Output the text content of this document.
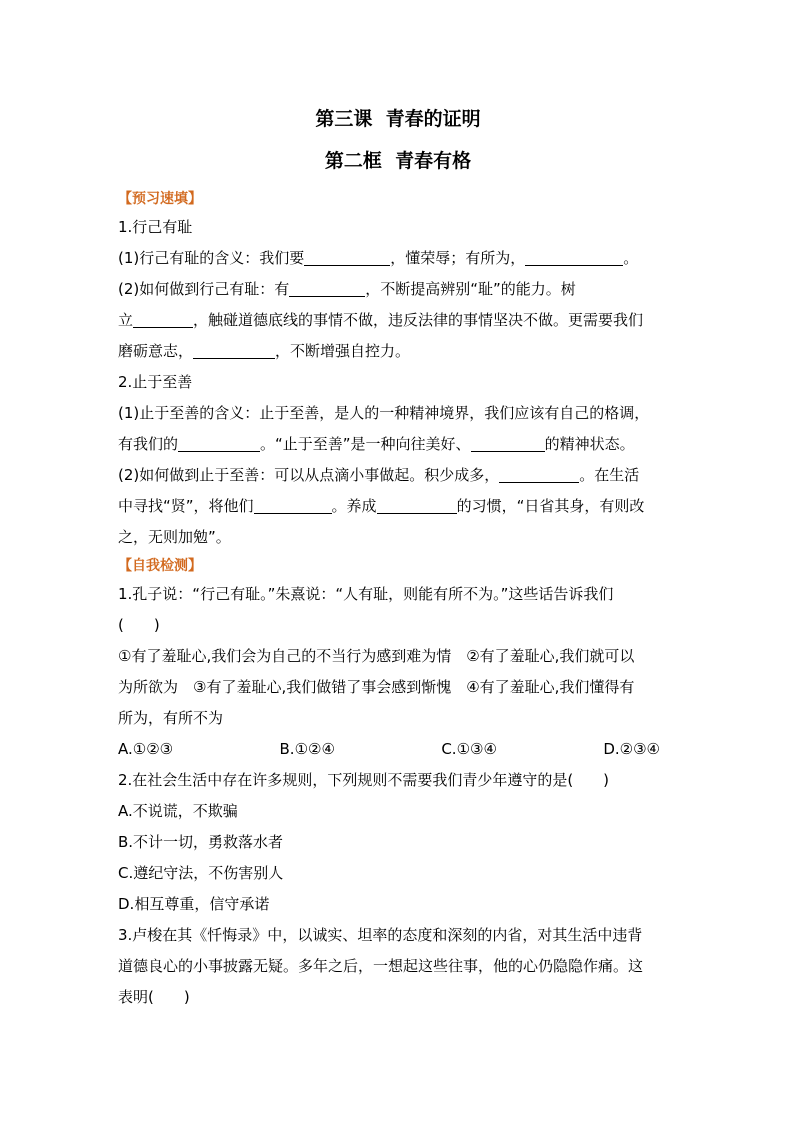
第三课  青春的证明
第二框  青春有格
【预习速填】
1.行己有耻
(1)行己有耻的含义：我们要	，懂荣辱；有所为，	。
(2)如何做到行己有耻：有	，不断提高辨别“耻”的能力。树
立	，触碰道德底线的事情不做，违反法律的事情坚决不做。更需要我们
磨砺意志，	，不断增强自控力。
2.止于至善
(1)止于至善的含义：止于至善，是人的一种精神境界，我们应该有自己的格调，
有我们的	。“止于至善”是一种向往美好、	的精神状态。
(2)如何做到止于至善：可以从点滴小事做起。积少成多，	。在生活
中寻找“贤”，将他们	。养成	的习惯，“日省其身，有则改
之，无则加勉”。
【自我检测】
1.孔子说：“行己有耻。”朱熹说：“人有耻，则能有所不为。”这些话告诉我们
(　　)
①有了羞耻心,我们会为自己的不当行为感到难为情　②有了羞耻心,我们就可以
为所欲为　③有了羞耻心,我们做错了事会感到惭愧　④有了羞耻心,我们懂得有
所为，有所不为
A.①②③	B.①②④	C.①③④	D.②③④
2.在社会生活中存在许多规则，下列规则不需要我们青少年遵守的是(　　)
A.不说谎，不欺骗
B.不计一切，勇救落水者
C.遵纪守法，不伤害别人
D.相互尊重，信守承诺
3.卢梭在其《忏悔录》中，以诚实、坦率的态度和深刻的内省，对其生活中违背
道德良心的小事披露无疑。多年之后，一想起这些往事，他的心仍隐隐作痛。这
表明(　　)
